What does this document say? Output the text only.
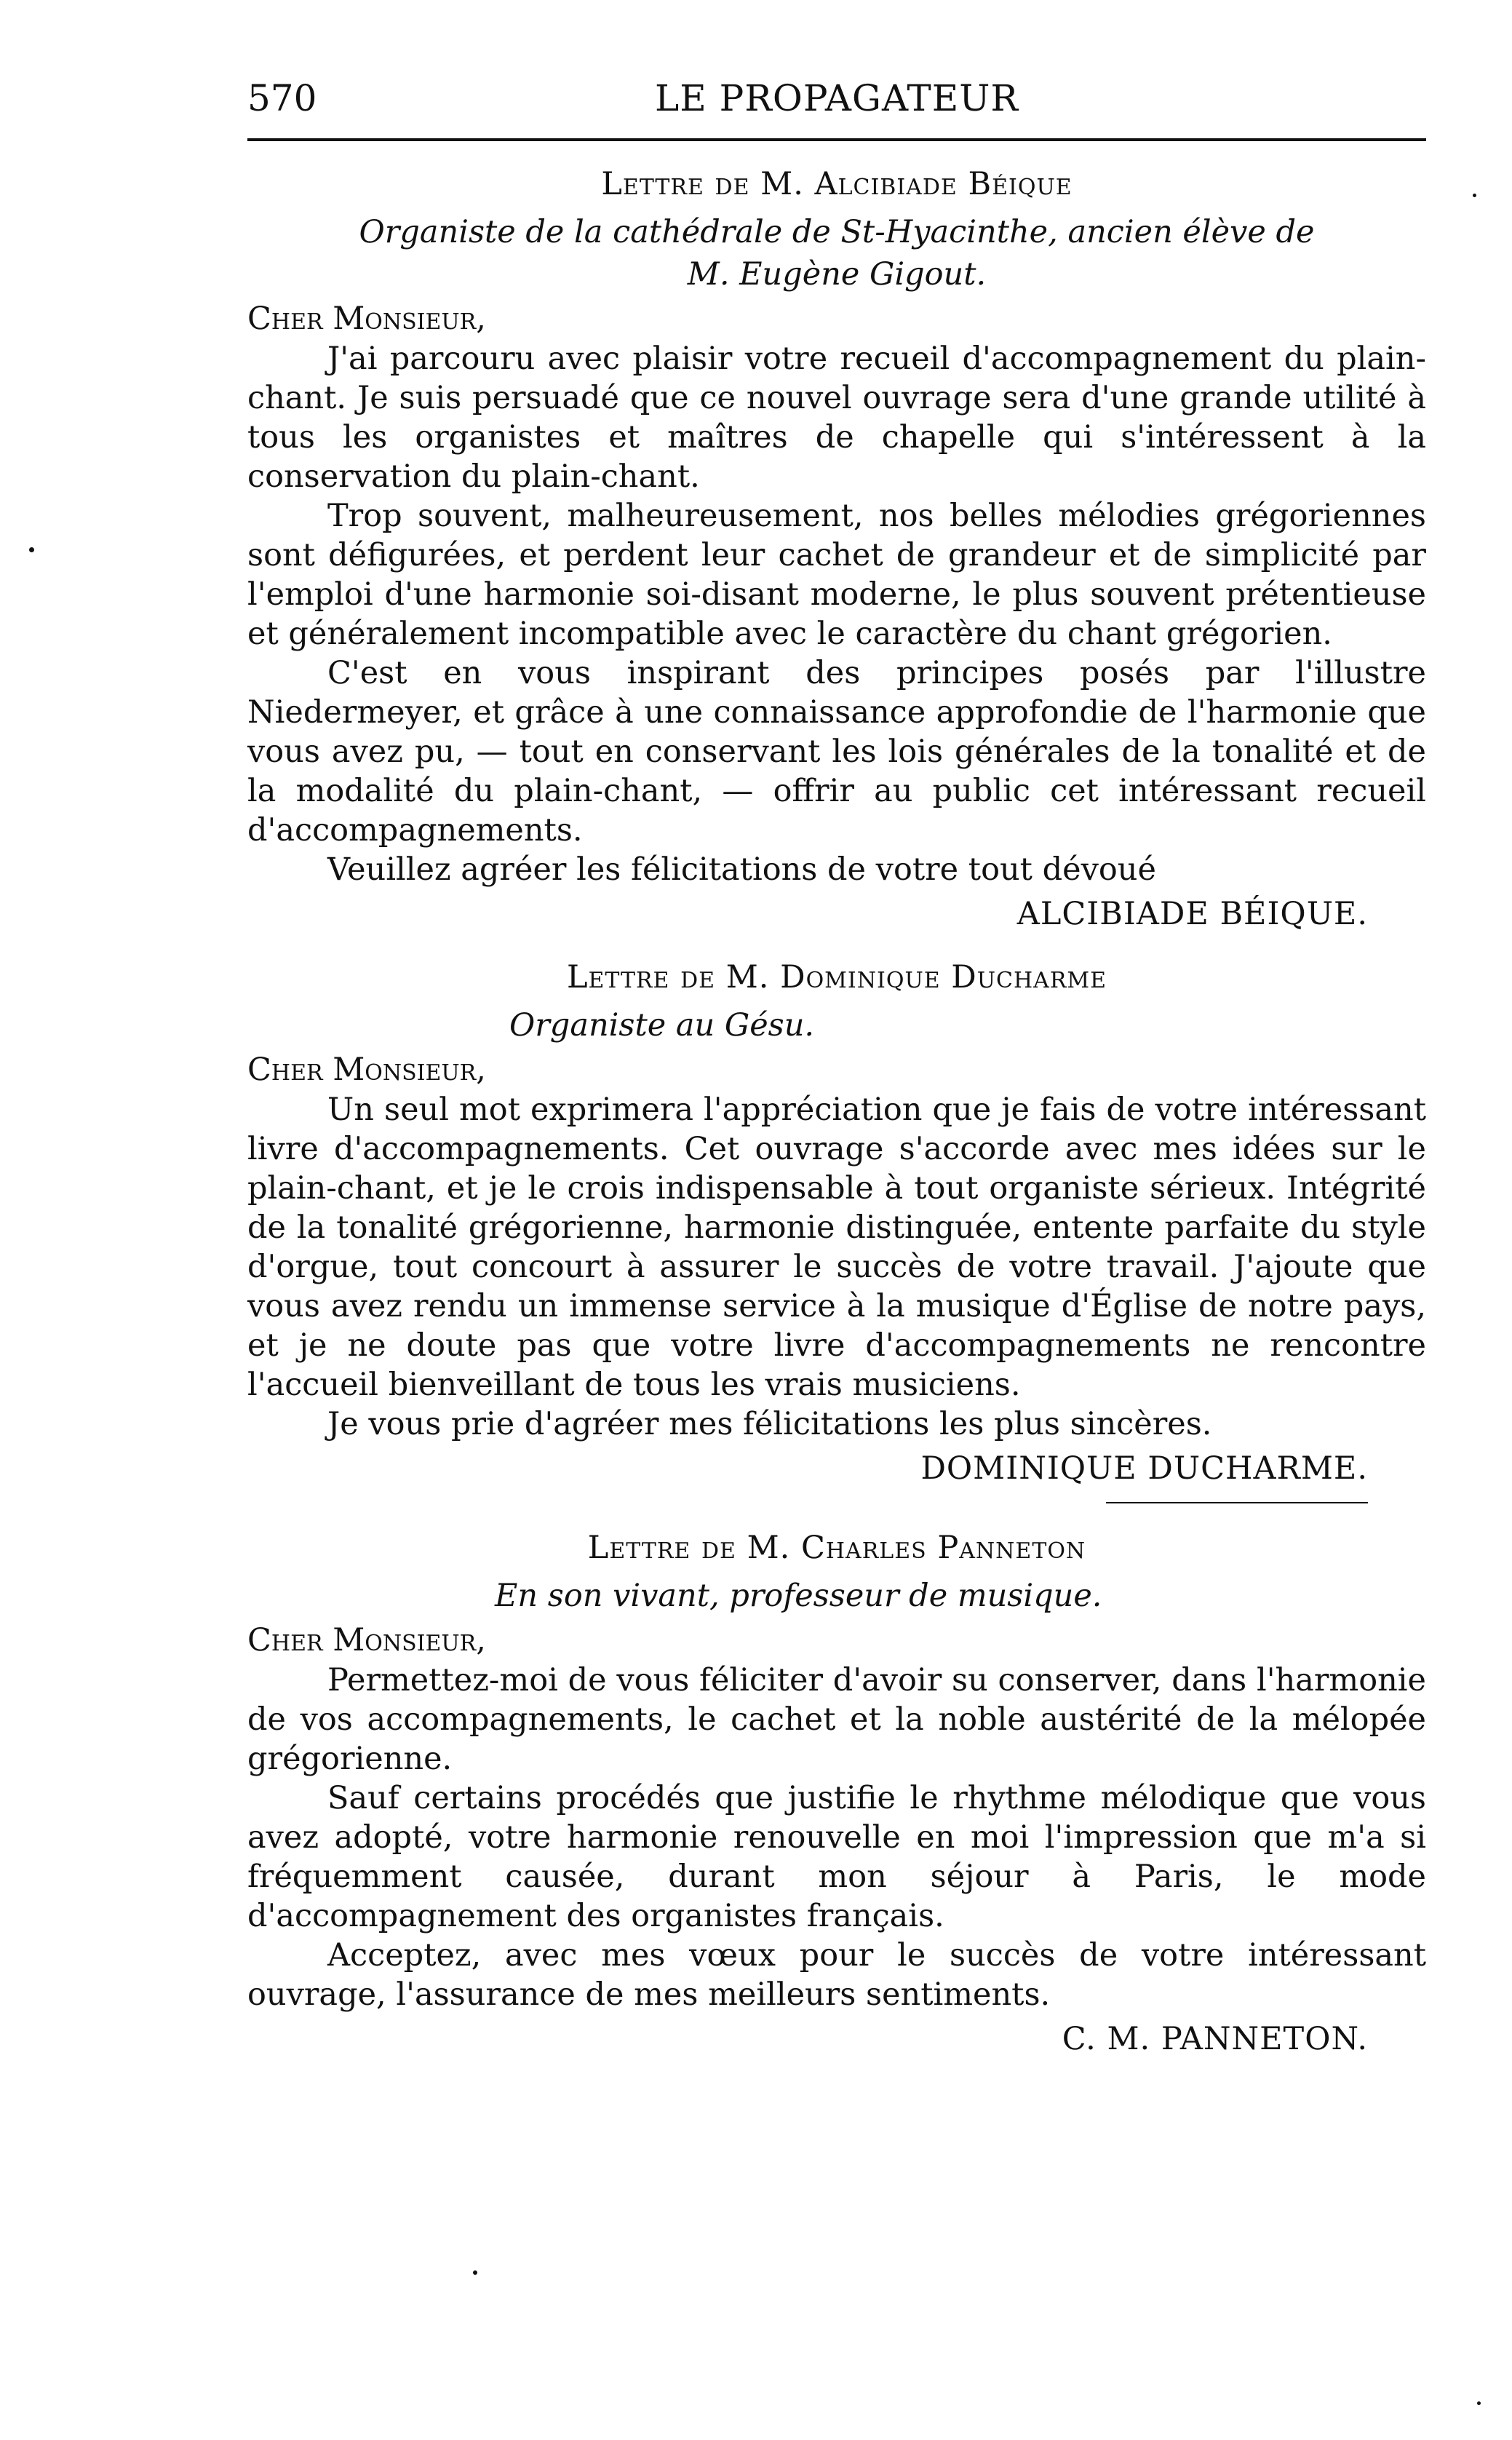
570	LE PROPAGATEUR
Lettre de M. Alcibiade Béique
Organiste de la cathédrale de St-Hyacinthe, ancien élève de M. Eugène Gigout.

Cher Monsieur,

J'ai parcouru avec plaisir votre recueil d'accompagnement du plain-chant. Je suis persuadé que ce nouvel ouvrage sera d'une grande utilité à tous les organistes et maîtres de chapelle qui s'intéressent à la conservation du plain-chant.

Trop souvent, malheureusement, nos belles mélodies grégoriennes sont défigurées, et perdent leur cachet de grandeur et de simplicité par l'emploi d'une harmonie soi-disant moderne, le plus souvent prétentieuse et généralement incompatible avec le caractère du chant grégorien.

C'est en vous inspirant des principes posés par l'illustre Niedermeyer, et grâce à une connaissance approfondie de l'harmonie que vous avez pu, — tout en conservant les lois générales de la tonalité et de la modalité du plain-chant, — offrir au public cet intéressant recueil d'accompagnements.

Veuillez agréer les félicitations de votre tout dévoué

ALCIBIADE BÉIQUE.
Lettre de M. Dominique Ducharme
Organiste au Gésu.

Cher Monsieur,

Un seul mot exprimera l'appréciation que je fais de votre intéressant livre d'accompagnements. Cet ouvrage s'accorde avec mes idées sur le plain-chant, et je le crois indispensable à tout organiste sérieux. Intégrité de la tonalité grégorienne, harmonie distinguée, entente parfaite du style d'orgue, tout concourt à assurer le succès de votre travail. J'ajoute que vous avez rendu un immense service à la musique d'Église de notre pays, et je ne doute pas que votre livre d'accompagnements ne rencontre l'accueil bienveillant de tous les vrais musiciens.

Je vous prie d'agréer mes félicitations les plus sincères.

DOMINIQUE DUCHARME.
Lettre de M. Charles Panneton
En son vivant, professeur de musique.

Cher Monsieur,

Permettez-moi de vous féliciter d'avoir su conserver, dans l'harmonie de vos accompagnements, le cachet et la noble austérité de la mélopée grégorienne.

Sauf certains procédés que justifie le rhythme mélodique que vous avez adopté, votre harmonie renouvelle en moi l'impression que m'a si fréquemment causée, durant mon séjour à Paris, le mode d'accompagnement des organistes français.

Acceptez, avec mes vœux pour le succès de votre intéressant ouvrage, l'assurance de mes meilleurs sentiments.

C. M. PANNETON.
